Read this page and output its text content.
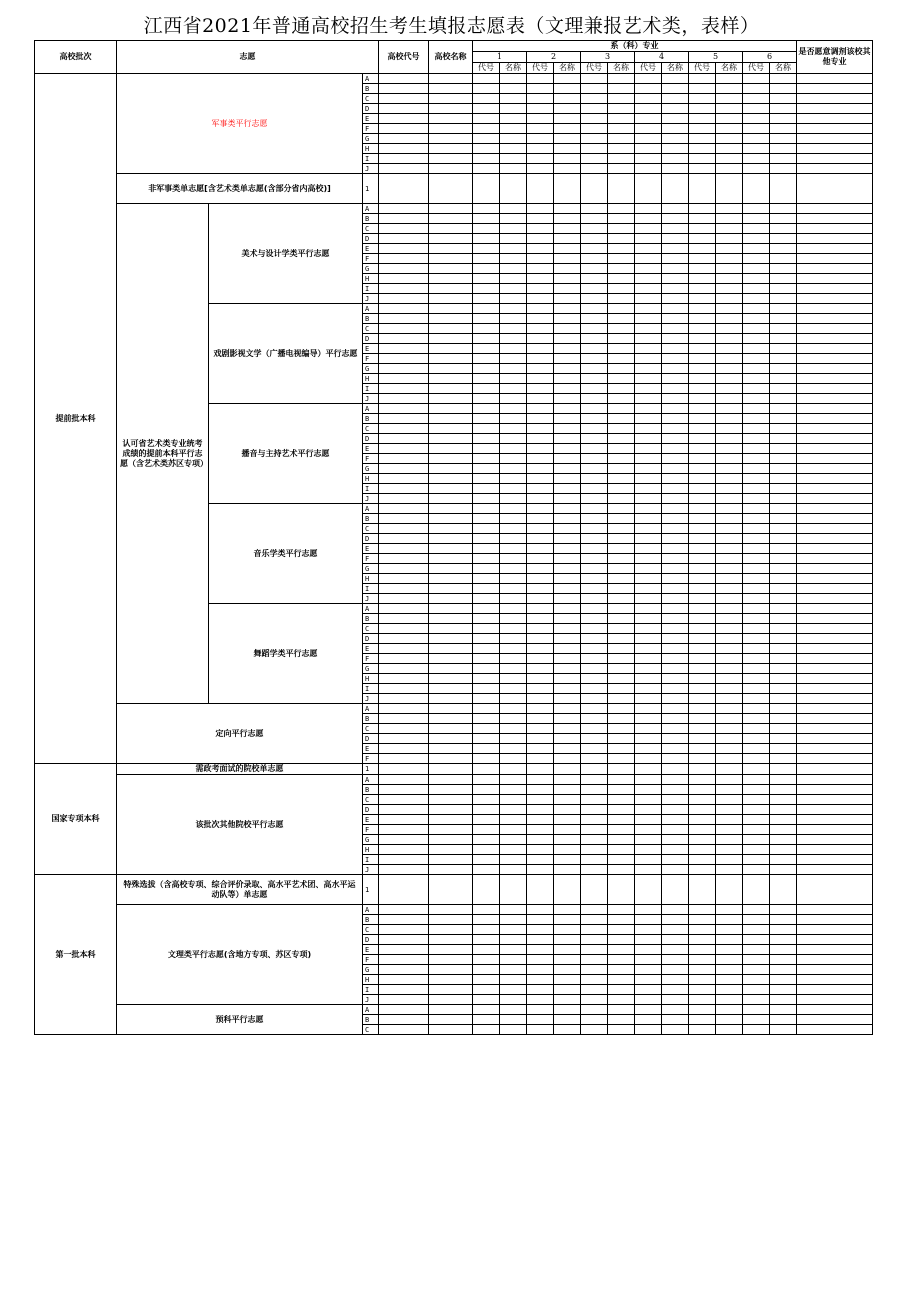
江西省2021年普通高校招生考生填报志愿表（文理兼报艺术类，表样）
高校批次	志愿			高校代号	高校名称	系（科）专业												是否愿意调剂该校其他专业
						1		2		3		4		5		6		
						代号	名称	代号	名称	代号	名称	代号	名称	代号	名称	代号	名称	
提前批本科	军事类平行志愿		A															
			B															
			C															
			D															
			E															
			F															
			G															
			H															
			I															
			J															
	非军事类单志愿[含艺术类单志愿(含部分省内高校)]		1															
	认可省艺术类专业统考成绩的提前本科平行志愿（含艺术类苏区专项）	美术与设计学类平行志愿	A															
			B															
			C															
			D															
			E															
			F															
			G															
			H															
			I															
			J															
		戏剧影视文学（广播电视编导）平行志愿	A															
			B															
			C															
			D															
			E															
			F															
			G															
			H															
			I															
			J															
		播音与主持艺术平行志愿	A															
			B															
			C															
			D															
			E															
			F															
			G															
			H															
			I															
			J															
		音乐学类平行志愿	A															
			B															
			C															
			D															
			E															
			F															
			G															
			H															
			I															
			J															
		舞蹈学类平行志愿	A															
			B															
			C															
			D															
			E															
			F															
			G															
			H															
			I															
			J															
	定向平行志愿		A															
			B															
			C															
			D															
			E															
			F															
国家专项本科	需政考面试的院校单志愿		1															
	该批次其他院校平行志愿		A															
			B															
			C															
			D															
			E															
			F															
			G															
			H															
			I															
			J															
第一批本科	特殊选拔（含高校专项、综合评价录取、高水平艺术团、高水平运动队等）单志愿		1															
	文理类平行志愿(含地方专项、苏区专项)		A															
			B															
			C															
			D															
			E															
			F															
			G															
			H															
			I															
			J															
	预科平行志愿		A															
			B															
			C															
